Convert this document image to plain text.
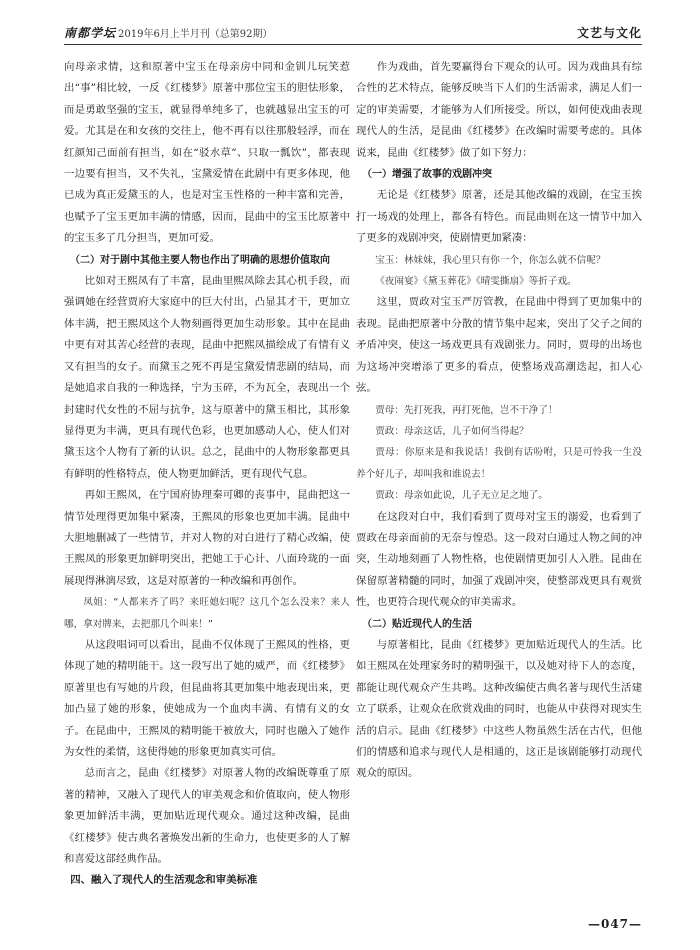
南都学坛 2019年6月上半月刊（总第92期）	文艺与文化

向母亲求情，这和原著中宝玉在母亲房中同和金钏儿玩笑惹出“事”相比较，一反《红楼梦》原著中那位宝玉的胆怯形象，而是勇敢坚强的宝玉，就显得单纯多了，也就越显出宝玉的可爱。尤其是在和女孩的交往上，他不再有以往那般轻浮，而在红颜知己面前有担当，如在“驳水草”、只取一瓢饮”，都表现一边要有担当，又不失礼，宝黛爱情在此剧中有更多体现，他已成为真正爱黛玉的人，也是对宝玉性格的一种丰富和完善，也赋予了宝玉更加丰满的情感，因而，昆曲中的宝玉比原著中的宝玉多了几分担当，更加可爱。

（二）对于剧中其他主要人物也作出了明确的思想价值取向

比如对王熙凤有了丰富，昆曲里熙凤除去其心机手段，而强调她在经营贾府大家庭中的巨大付出，凸显其才干，更加立体丰满，把王熙凤这个人物刻画得更加生动形象。其中在昆曲中更有对其苦心经营的表现，昆曲中把熙凤描绘成了有情有义又有担当的女子。而黛玉之死不再是宝黛爱情悲剧的结局，而是她追求自我的一种选择，宁为玉碎，不为瓦全，表现出一个封建时代女性的不屈与抗争，这与原著中的黛玉相比，其形象显得更为丰满，更具有现代色彩，也更加感动人心，使人们对黛玉这个人物有了新的认识。总之，昆曲中的人物形象都更具有鲜明的性格特点，使人物更加鲜活，更有现代气息。

再如王熙凤，在宁国府协理秦可卿的丧事中，昆曲把这一情节处理得更加集中紧凑，王熙凤的形象也更加丰满。昆曲中大胆地删减了一些情节，并对人物的对白进行了精心改编，使王熙凤的形象更加鲜明突出，把她工于心计、八面玲珑的一面展现得淋漓尽致，这是对原著的一种改编和再创作。

凤姐：“人都来齐了吗？来旺媳妇呢？这几个怎么没来？来人哪，拿对牌来，去把那几个叫来！”

从这段唱词可以看出，昆曲不仅体现了王熙凤的性格，更体现了她的精明能干。这一段写出了她的威严，而《红楼梦》原著里也有写她的片段，但昆曲将其更加集中地表现出来，更加凸显了她的形象，使她成为一个血肉丰满、有情有义的女子。在昆曲中，王熙凤的精明能干被放大，同时也融入了她作为女性的柔情，这使得她的形象更加真实可信。

总而言之，昆曲《红楼梦》对原著人物的改编既尊重了原著的精神，又融入了现代人的审美观念和价值取向，使人物形象更加鲜活丰满，更加贴近现代观众。通过这种改编，昆曲《红楼梦》使古典名著焕发出新的生命力，也使更多的人了解和喜爱这部经典作品。

四、融入了现代人的生活观念和审美标准

作为戏曲，首先要赢得台下观众的认可。因为戏曲具有综合性的艺术特点，能够反映当下人们的生活需求，满足人们一定的审美需要，才能够为人们所接受。所以，如何使戏曲表现现代人的生活，是昆曲《红楼梦》在改编时需要考虑的。具体说来，昆曲《红楼梦》做了如下努力：

（一）增强了故事的戏剧冲突

无论是《红楼梦》原著，还是其他改编的戏剧，在宝玉挨打一场戏的处理上，都各有特色。而昆曲则在这一情节中加入了更多的戏剧冲突，使剧情更加紧凑：

宝玉：林妹妹，我心里只有你一个，你怎么就不信呢？

《夜闹宴》《黛玉葬花》《晴雯撕扇》等折子戏。

这里，贾政对宝玉严厉管教，在昆曲中得到了更加集中的表现。昆曲把原著中分散的情节集中起来，突出了父子之间的矛盾冲突，使这一场戏更具有戏剧张力。同时，贾母的出场也为这场冲突增添了更多的看点，使整场戏高潮迭起，扣人心弦。

贾母：先打死我，再打死他，岂不干净了！

贾政：母亲这话，儿子如何当得起？

贾母：你原来是和我说话！我倒有话吩咐，只是可怜我一生没养个好儿子，却叫我和谁说去！

贾政：母亲如此说，儿子无立足之地了。

在这段对白中，我们看到了贾母对宝玉的溺爱，也看到了贾政在母亲面前的无奈与惶恐。这一段对白通过人物之间的冲突，生动地刻画了人物性格，也使剧情更加引人入胜。昆曲在保留原著精髓的同时，加强了戏剧冲突，使整部戏更具有观赏性，也更符合现代观众的审美需求。

（二）贴近现代人的生活

与原著相比，昆曲《红楼梦》更加贴近现代人的生活。比如王熙凤在处理家务时的精明强干，以及她对待下人的态度，都能让现代观众产生共鸣。这种改编使古典名著与现代生活建立了联系，让观众在欣赏戏曲的同时，也能从中获得对现实生活的启示。昆曲《红楼梦》中这些人物虽然生活在古代，但他们的情感和追求与现代人是相通的，这正是该剧能够打动现代观众的原因。

—047—
